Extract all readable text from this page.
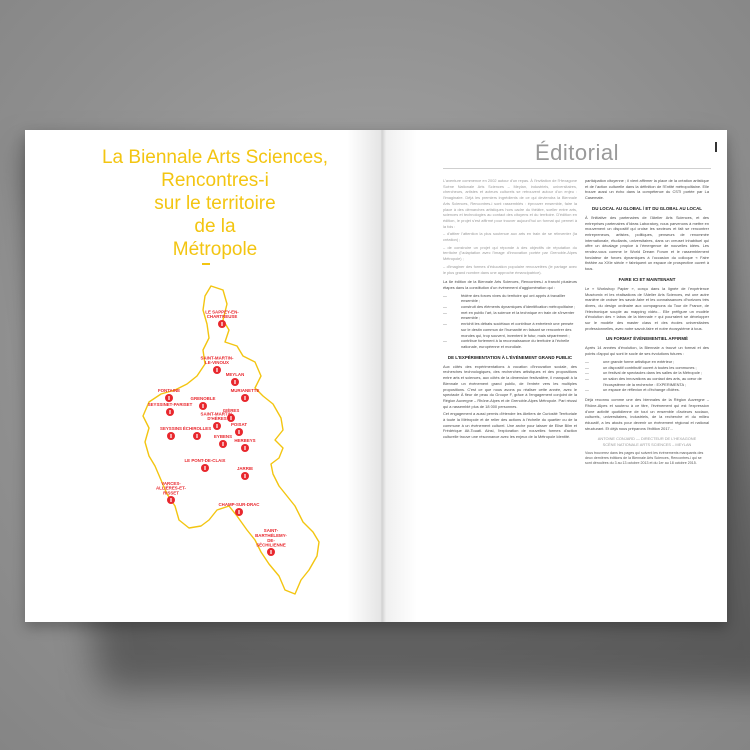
La Biennale Arts Sciences,
Rencontres-i
sur le territoire
de la
Métropole
LE SAPPEY-EN-CHARTREUSE
SAINT-MARTIN-LE-VINOUX
MEYLAN
MURIANETTE
FONTAINE
GRENOBLE
GIÈRES
SEYSSINET-PARISET
SAINT-MARTIN-D'HÈRES
SEYSSINS ÉCHIROLLES
EYBENS
POISAT
HERBEYS
LE PONT-DE-CLAIX
JARRIE
VARCES-ALLIÈRES-ET-RISSET
CHAMP-SUR-DRAC
SAINT-BARTHÉLEMY-DE-SÉCHILIENNE
Éditorial

L'aventure commence en 2002 autour d'un repas. À l'invitation de l'Hexagone Scène Nationale Arts Sciences – Meylan, industriels, universitaires, chercheurs, artistes et acteurs culturels se retrouvent autour d'un enjeu : l'imaginaire. Déjà les premiers ingrédients de ce qui deviendra la Biennale Arts Sciences, Rencontres-i sont rassemblés : éprouver ensemble, faire la place à des démarches artistiques hors cadre du théâtre, sceller entre arts, sciences et technologies au contact des citoyens et du territoire. D'édition en édition, le projet s'est affirmé pour trouver aujourd'hui un format qui permet à la fois :

– d'attirer l'attention la plus soutenue aux arts en train de se réinventer (la création) ;

– de construire un projet qui réponde à des objectifs de réputation du territoire (l'adaptation avec l'image d'innovation portée par Grenoble-Alpes Métropole) ;

– d'imaginer des formes d'éducation populaire renouvelées (le partage avec le plus grand nombre dans une approche émancipatrice).

La 6e édition de la Biennale Arts Sciences, Rencontres-i a franchi plusieurs étapes dans la constitution d'un événement d'agglomération qui :

—	fédère des forces vives du territoire qui ont appris à travailler ensemble ;
—	construit des éléments dynamiques d'identification métropolitaine ;
—	met en public l'art, la science et la technique en train de s'inventer ensemble ;
—	enrichit les débats sociétaux et contribue à entretenir une pensée sur le destin commun de l'humanité en faisant se rencontrer des mondes qui, trop souvent, inventent le futur, mais séparément ;
—	contribue fortement à la reconnaissance du territoire à l'échelle nationale, européenne et mondiale.
DE L'EXPÉRIMENTATION À L'ÉVÉNEMENT GRAND PUBLIC

Aux côtés des expérimentations à vocation d'innovation sociale, des recherches technologiques, des recherches artistiques et des propositions entre arts et sciences, aux côtés de la dimension festivalière, il manquait à la Biennale un événement grand public, de l'entrée vers les multiples propositions. C'est ce que nous avons pu réaliser cette année, avec le spectacle À fleur de peau du Groupe F, grâce à l'engagement conjoint de la Région Auvergne – Rhône-Alpes et de Grenoble-Alpes Métropole. Pari réussi qui a rassemblé plus de 18 000 personnes.

Cet engagement a aussi permis d'étendre les Ateliers de Curiosité Territoriale à toute la Métropole et de relier des actions à l'échelle du quartier ou de la commune à un événement culturel. Une arche pour laisser de Elise Bilm et Frédérique Ait-Touati. Ainsi, l'exploration de nouvelles formes d'action culturelle trouve une résonnance avec les enjeux de la Métropole Identité.

participation citoyenne ; il vient affirmer la place de la création artistique et de l'action culturelle dans la définition de l'Entité métropolitaine. Elle trouve aussi un écho dans la compétence du CSTI portée par La Casemate.

DU LOCAL AU GLOBAL / ET DU GLOBAL AU LOCAL

À l'initiative des partenaires de l'Atelier Arts Sciences, et des entreprises partenaires d'Ideas Laboratory, nous parvenons à mettre en mouvement un dispositif qui croise les secteurs et fait se rencontrer entrepreneurs, artistes, politiques, penseurs de renommée internationale, étudiants, universitaires, dans un creuset inhabituel qui offre un décalage propice à l'émergence de nouvelles idées. Les rendez-vous comme le World Dream Forum et le rassemblement fondateur de forces dynamiques à l'occasion du colloque « Faire théâtre au XXIe siècle » fabriquent un espace de prospective ouvert à tous.

FAIRE ICI ET MAINTENANT

Le « Workshop Papier », conçu dans la lignée de l'expérience Muséomix et les réalisations de l'Atelier Arts Sciences, est une autre manière de croiser les savoir-faire et les connaissances d'horizons très divers, du design ordinaire aux compagnons du Tour de France, de l'électronique souple au mapping vidéo... Elle préfigure un modèle d'évolution des « labos de la biennale » qui pourraient se développer sur le modèle des master class et des écoles universitaires professionnelles, avec notre savoir-faire et notre écosystème à tous.

UN FORMAT ÉVÉNEMENTIEL AFFIRMÉ

Après 14 années d'évolution, la Biennale a trouvé un format et des points d'appui qui sont le socle de ses évolutions futures :

—	une grande forme artistique en extérieur ;
—	un dispositif contributif ouvert à toutes les communes ;
—	un festival de spectacles dans les salles de la Métropole ;
—	un salon des innovations au contact des arts, au cœur de l'écosystème de la recherche : EXPERIMENTA ;
—	un espace de réflexion et d'échange d'idées.

Déjà reconnu comme une des biennales de la Région Auvergne – Rhône-Alpes et soutenu à ce titre, l'événement qui est l'expression d'une activité quotidienne de tout un ensemble d'acteurs sociaux, culturels, universitaires, industriels, de la recherche et du milieu éducatif, a les atouts pour devenir un événement régional et national structurant. Et déjà nous préparons l'édition 2017...

ANTOINE CONJARD — DIRECTEUR DE L'HEXAGONE
SCÈNE NATIONALE ARTS SCIENCES – MEYLAN
Vous trouverez dans les pages qui suivent les événements marquants des deux dernières éditions de la Biennale Arts Sciences, Rencontres-i qui se sont déroulées du 3 au 13 octobre 2013 et du 1er au 18 octobre 2015.
